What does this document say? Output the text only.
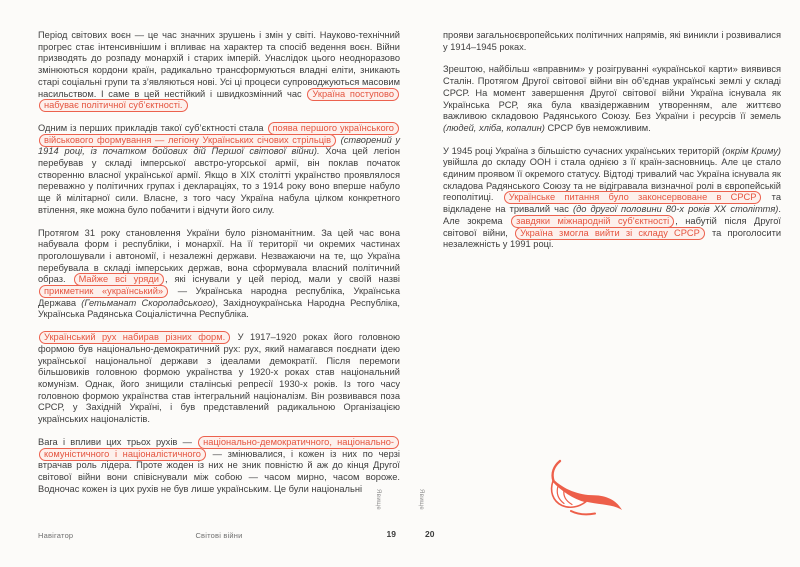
Період світових воєн — це час значних зрушень і змін у світі. Науково-технічний прогрес стає інтенсивнішим і впливає на характер та спосіб ведення воєн. Війни призводять до розпаду монархій і старих імперій. Унаслідок цього неодноразово змінюються кордони країн, радикально трансформуються владні еліти, зникають старі соціальні групи та з’являються нові. Усі ці процеси супроводжуються масовим насильством. І саме в цей нестійкий і швидкозмінний час Україна поступово набуває політичної суб’єктності.

Одним із перших прикладів такої суб’єктності стала поява першого українського військового формування — легіону Українських січових стрільців (створений у 1914 році, із початком бойових дій Першої світової війни). Хоча цей легіон перебував у складі імперської австро-угорської армії, він поклав початок створенню власної української армії. Якщо в XIX столітті українство проявлялося переважно у політичних групах і деклараціях, то з 1914 року воно вперше набуло ще й мілітарної сили. Власне, з того часу Україна набула цілком конкретного втілення, яке можна було побачити і відчути його силу.

Протягом 31 року становлення України було різноманітним. За цей час вона набувала форм і республіки, і монархії. На її території чи окремих частинах проголошували і автономії, і незалежні держави. Незважаючи на те, що Україна перебувала в складі імперських держав, вона сформувала власний політичний образ. Майже всі уряди , які існували у цей період, мали у своїй назві прикметник «український» — Українська народна республіка, Українська Держава (Гетьманат Скоропадського), Західноукраїнська Народна Республіка, Українська Радянська Соціалістична Республіка.

Український рух набирав різних форм. У 1917–1920 роках його головною формою був національно-демократичний рух: рух, який намагався поєднати ідею української національної держави з ідеалами демократії. Після перемоги більшовиків головною формою українства у 1920-х роках став національний комунізм. Однак, його знищили сталінські репресії 1930-х років. Із того часу головною формою українства став інтегральний націоналізм. Він розвивався поза СРСР, у Західній Україні, і був представлений радикальною Організацією українських націоналістів.

Вага і впливи цих трьох рухів — національно-демократичного, національно-комуністичного і націоналістичного — змінювалися, і кожен із них по черзі втрачав роль лідера. Проте жоден із них не зник повністю й аж до кінця Другої світової війни вони співіснували між собою — часом мирно, часом вороже. Водночас кожен із цих рухів не був лише українським. Це були національні

прояви загальноєвропейських політичних напрямів, які виникли і розвивалися у 1914–1945 роках.

Зрештою, найбільш «вправним» у розігруванні «української карти» виявився Сталін. Протягом Другої світової війни він об’єднав українські землі у складі СРСР. На момент завершення Другої світової війни Україна існувала як Українська РСР, яка була квазідержавним утворенням, але життєво важливою складовою Радянського Союзу. Без України і ресурсів її земель (людей, хліба, копалин) СРСР був неможливим.

У 1945 році Україна з більшістю сучасних українських територій (окрім Криму) увійшла до складу ООН і стала однією з її країн-засновниць. Але це стало єдиним проявом її окремого статусу. Відтоді тривалий час Україна існувала як складова Радянського Союзу та не відігравала визначної ролі в європейській геополітиці. Українське питання було законсервоване в СРСР та відкладене на тривалий час (до другої половини 80-х років XX століття). Але зокрема завдяки міжнародній суб’єктності , набутій після Другої світової війни, Україна змогла вийти зі складу СРСР та проголосити незалежність у 1991 році.

Навігатор	Світові війни	19	20
Явище	Явище
